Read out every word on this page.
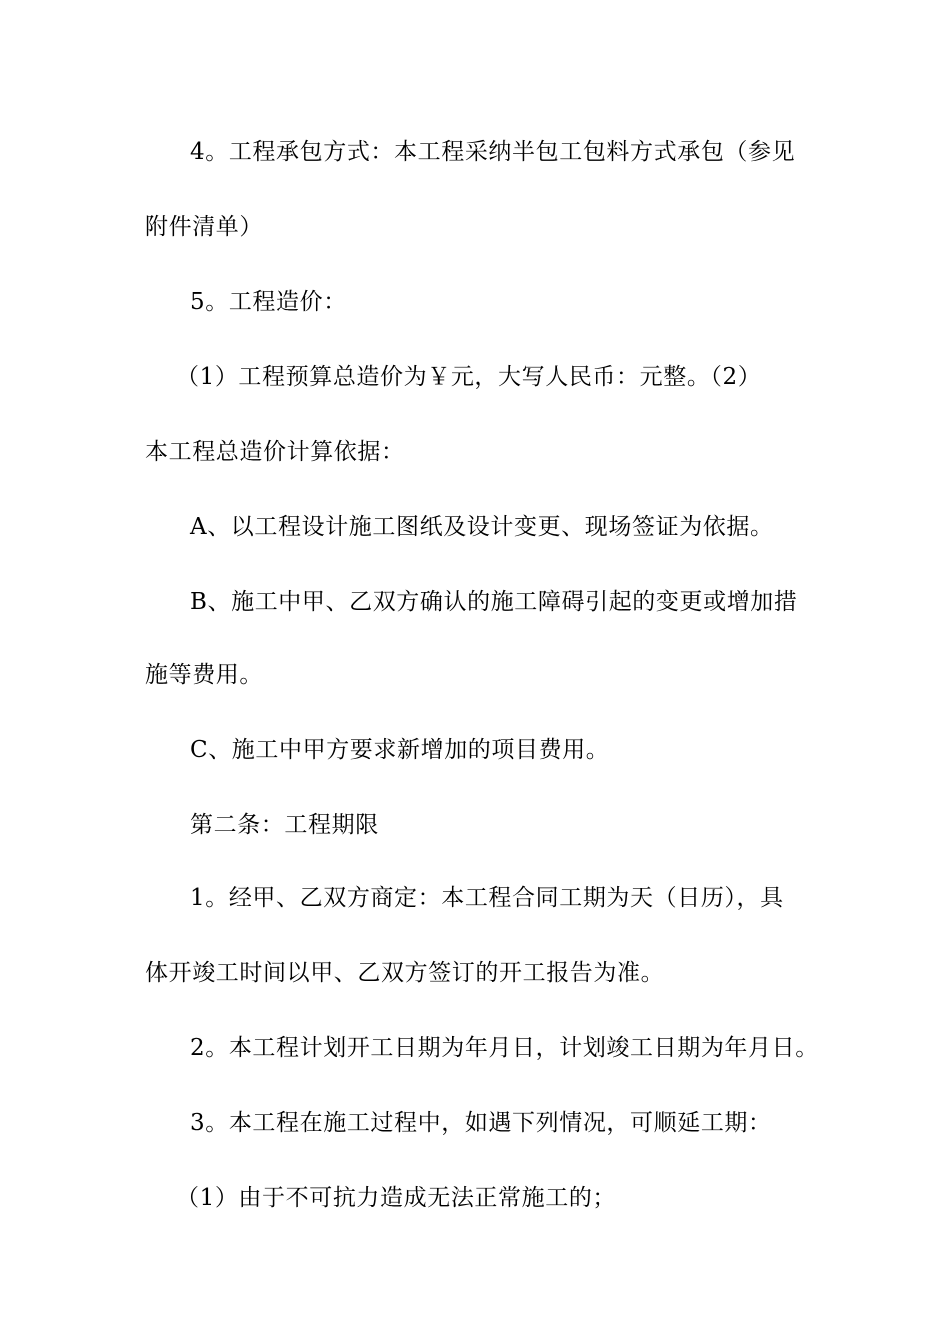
4。工程承包方式：本工程采纳半包工包料方式承包（参见
附件清单）
5。工程造价：
（1）工程预算总造价为￥元，大写人民币：元整。（2）
本工程总造价计算依据：
A、以工程设计施工图纸及设计变更、现场签证为依据。
B、施工中甲、乙双方确认的施工障碍引起的变更或增加措
施等费用。
C、施工中甲方要求新增加的项目费用。
第二条：工程期限
1。经甲、乙双方商定：本工程合同工期为天（日历），具
体开竣工时间以甲、乙双方签订的开工报告为准。
2。本工程计划开工日期为年月日，计划竣工日期为年月日。
3。本工程在施工过程中，如遇下列情况，可顺延工期：
（1）由于不可抗力造成无法正常施工的；
